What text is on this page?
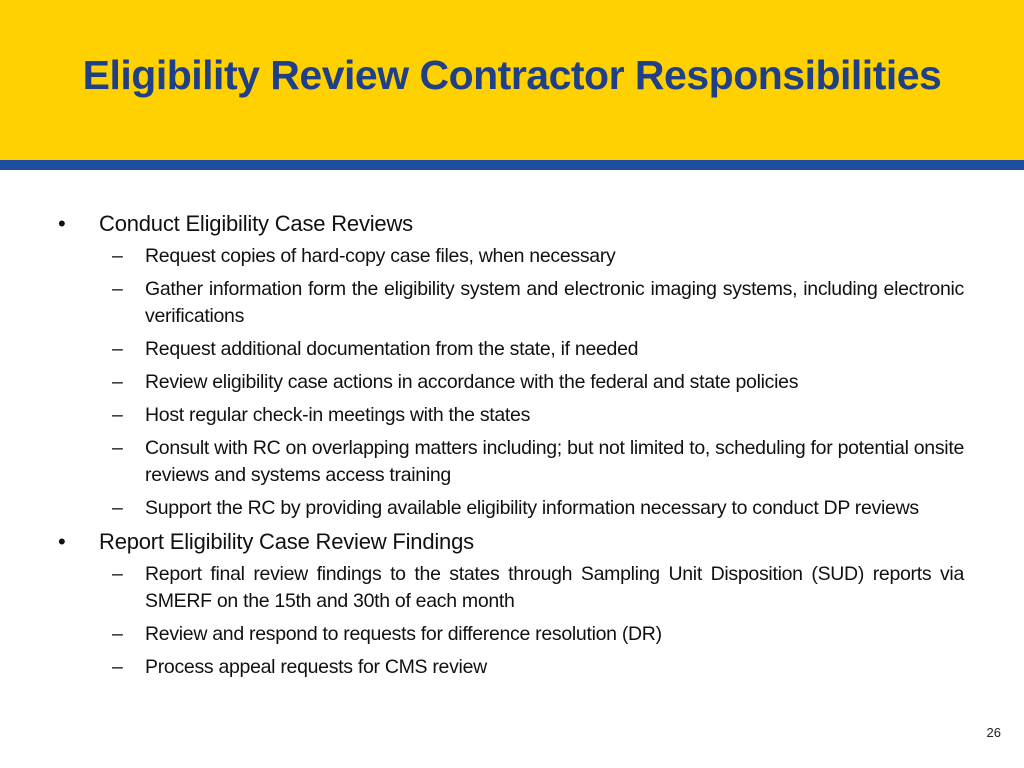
Eligibility Review Contractor Responsibilities
•	Conduct Eligibility Case Reviews
– Request copies of hard-copy case files, when necessary
– Gather information form the eligibility system and electronic imaging systems, including electronic verifications
– Request additional documentation from the state, if needed
– Review eligibility case actions in accordance with the federal and state policies
– Host regular check-in meetings with the states
– Consult with RC on overlapping matters including; but not limited to, scheduling for potential onsite reviews and systems access training
– Support the RC by providing available eligibility information necessary to conduct DP reviews
•	Report Eligibility Case Review Findings
– Report final review findings to the states through Sampling Unit Disposition (SUD) reports via SMERF on the 15th and 30th of each month
– Review and respond to requests for difference resolution (DR)
– Process appeal requests for CMS review
26
